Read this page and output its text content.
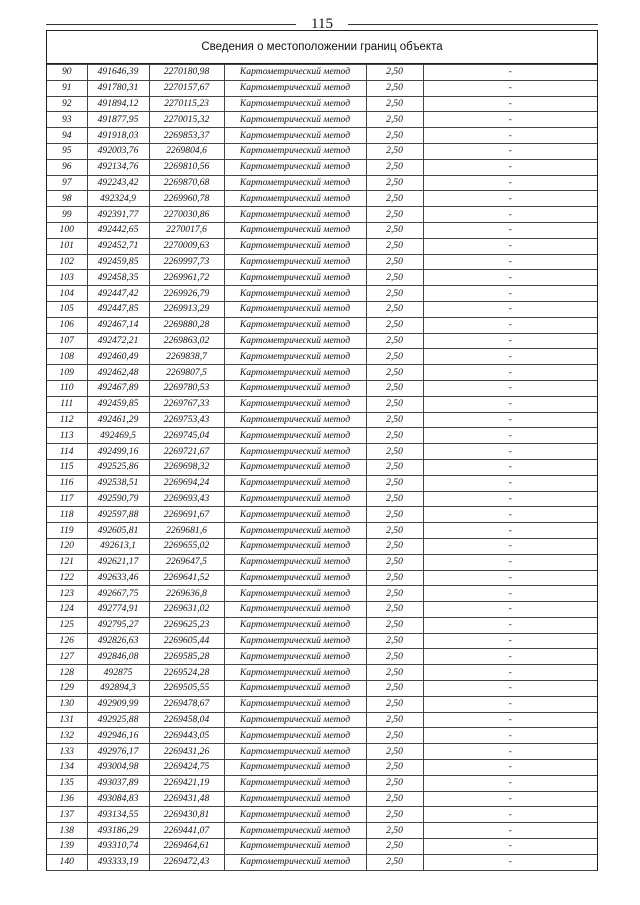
115
Сведения о местоположении границ объекта
90	491646,39	2270180,98	Картометрический метод	2,50	-
91	491780,31	2270157,67	Картометрический метод	2,50	-
92	491894,12	2270115,23	Картометрический метод	2,50	-
93	491877,95	2270015,32	Картометрический метод	2,50	-
94	491918,03	2269853,37	Картометрический метод	2,50	-
95	492003,76	2269804,6	Картометрический метод	2,50	-
96	492134,76	2269810,56	Картометрический метод	2,50	-
97	492243,42	2269870,68	Картометрический метод	2,50	-
98	492324,9	2269960,78	Картометрический метод	2,50	-
99	492391,77	2270030,86	Картометрический метод	2,50	-
100	492442,65	2270017,6	Картометрический метод	2,50	-
101	492452,71	2270009,63	Картометрический метод	2,50	-
102	492459,85	2269997,73	Картометрический метод	2,50	-
103	492458,35	2269961,72	Картометрический метод	2,50	-
104	492447,42	2269926,79	Картометрический метод	2,50	-
105	492447,85	2269913,29	Картометрический метод	2,50	-
106	492467,14	2269880,28	Картометрический метод	2,50	-
107	492472,21	2269863,02	Картометрический метод	2,50	-
108	492460,49	2269838,7	Картометрический метод	2,50	-
109	492462,48	2269807,5	Картометрический метод	2,50	-
110	492467,89	2269780,53	Картометрический метод	2,50	-
111	492459,85	2269767,33	Картометрический метод	2,50	-
112	492461,29	2269753,43	Картометрический метод	2,50	-
113	492469,5	2269745,04	Картометрический метод	2,50	-
114	492499,16	2269721,67	Картометрический метод	2,50	-
115	492525,86	2269698,32	Картометрический метод	2,50	-
116	492538,51	2269694,24	Картометрический метод	2,50	-
117	492590,79	2269693,43	Картометрический метод	2,50	-
118	492597,88	2269691,67	Картометрический метод	2,50	-
119	492605,81	2269681,6	Картометрический метод	2,50	-
120	492613,1	2269655,02	Картометрический метод	2,50	-
121	492621,17	2269647,5	Картометрический метод	2,50	-
122	492633,46	2269641,52	Картометрический метод	2,50	-
123	492667,75	2269636,8	Картометрический метод	2,50	-
124	492774,91	2269631,02	Картометрический метод	2,50	-
125	492795,27	2269625,23	Картометрический метод	2,50	-
126	492826,63	2269605,44	Картометрический метод	2,50	-
127	492846,08	2269585,28	Картометрический метод	2,50	-
128	492875	2269524,28	Картометрический метод	2,50	-
129	492894,3	2269505,55	Картометрический метод	2,50	-
130	492909,99	2269478,67	Картометрический метод	2,50	-
131	492925,88	2269458,04	Картометрический метод	2,50	-
132	492946,16	2269443,05	Картометрический метод	2,50	-
133	492976,17	2269431,26	Картометрический метод	2,50	-
134	493004,98	2269424,75	Картометрический метод	2,50	-
135	493037,89	2269421,19	Картометрический метод	2,50	-
136	493084,83	2269431,48	Картометрический метод	2,50	-
137	493134,55	2269430,81	Картометрический метод	2,50	-
138	493186,29	2269441,07	Картометрический метод	2,50	-
139	493310,74	2269464,61	Картометрический метод	2,50	-
140	493333,19	2269472,43	Картометрический метод	2,50	-
